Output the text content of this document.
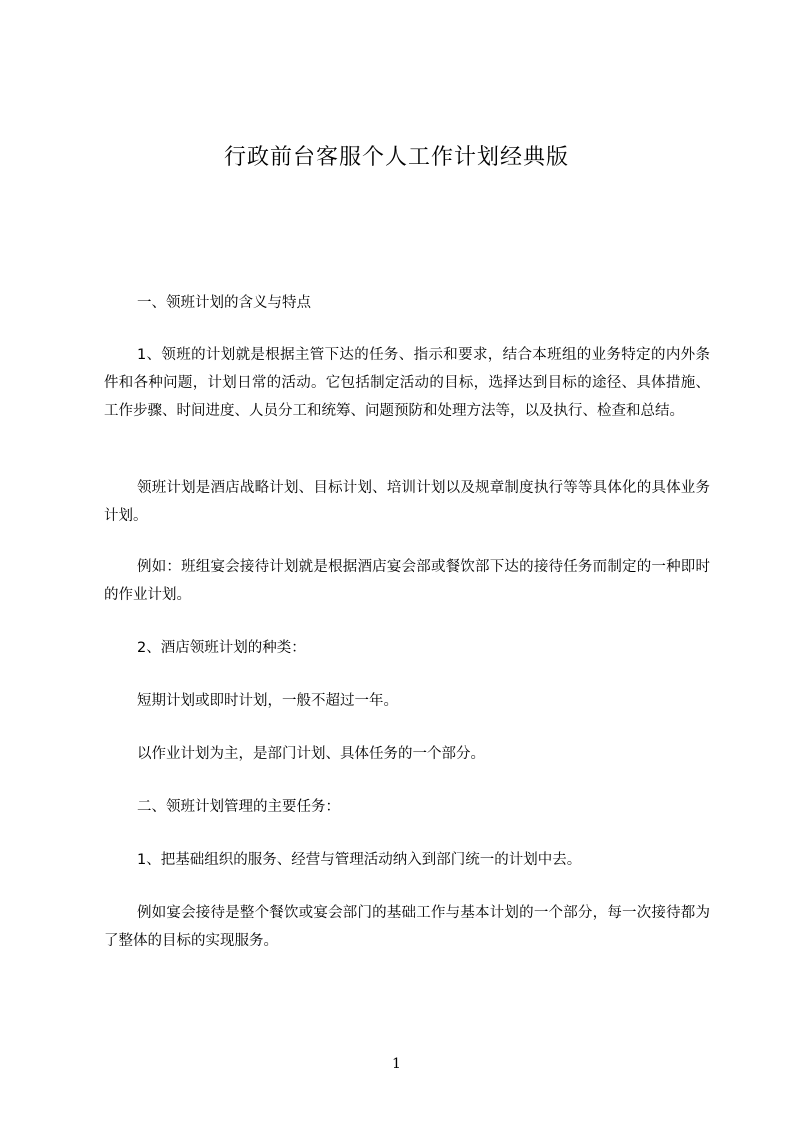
行政前台客服个人工作计划经典版
一、领班计划的含义与特点
1、领班的计划就是根据主管下达的任务、指示和要求，结合本班组的业务特定的内外条件和各种问题，计划日常的活动。它包括制定活动的目标，选择达到目标的途径、具体措施、工作步骤、时间进度、人员分工和统筹、问题预防和处理方法等，以及执行、检查和总结。
领班计划是酒店战略计划、目标计划、培训计划以及规章制度执行等等具体化的具体业务计划。
例如：班组宴会接待计划就是根据酒店宴会部或餐饮部下达的接待任务而制定的一种即时的作业计划。
2、酒店领班计划的种类：
短期计划或即时计划，一般不超过一年。
以作业计划为主，是部门计划、具体任务的一个部分。
二、领班计划管理的主要任务：
1、把基础组织的服务、经营与管理活动纳入到部门统一的计划中去。
例如宴会接待是整个餐饮或宴会部门的基础工作与基本计划的一个部分，每一次接待都为了整体的目标的实现服务。
1
